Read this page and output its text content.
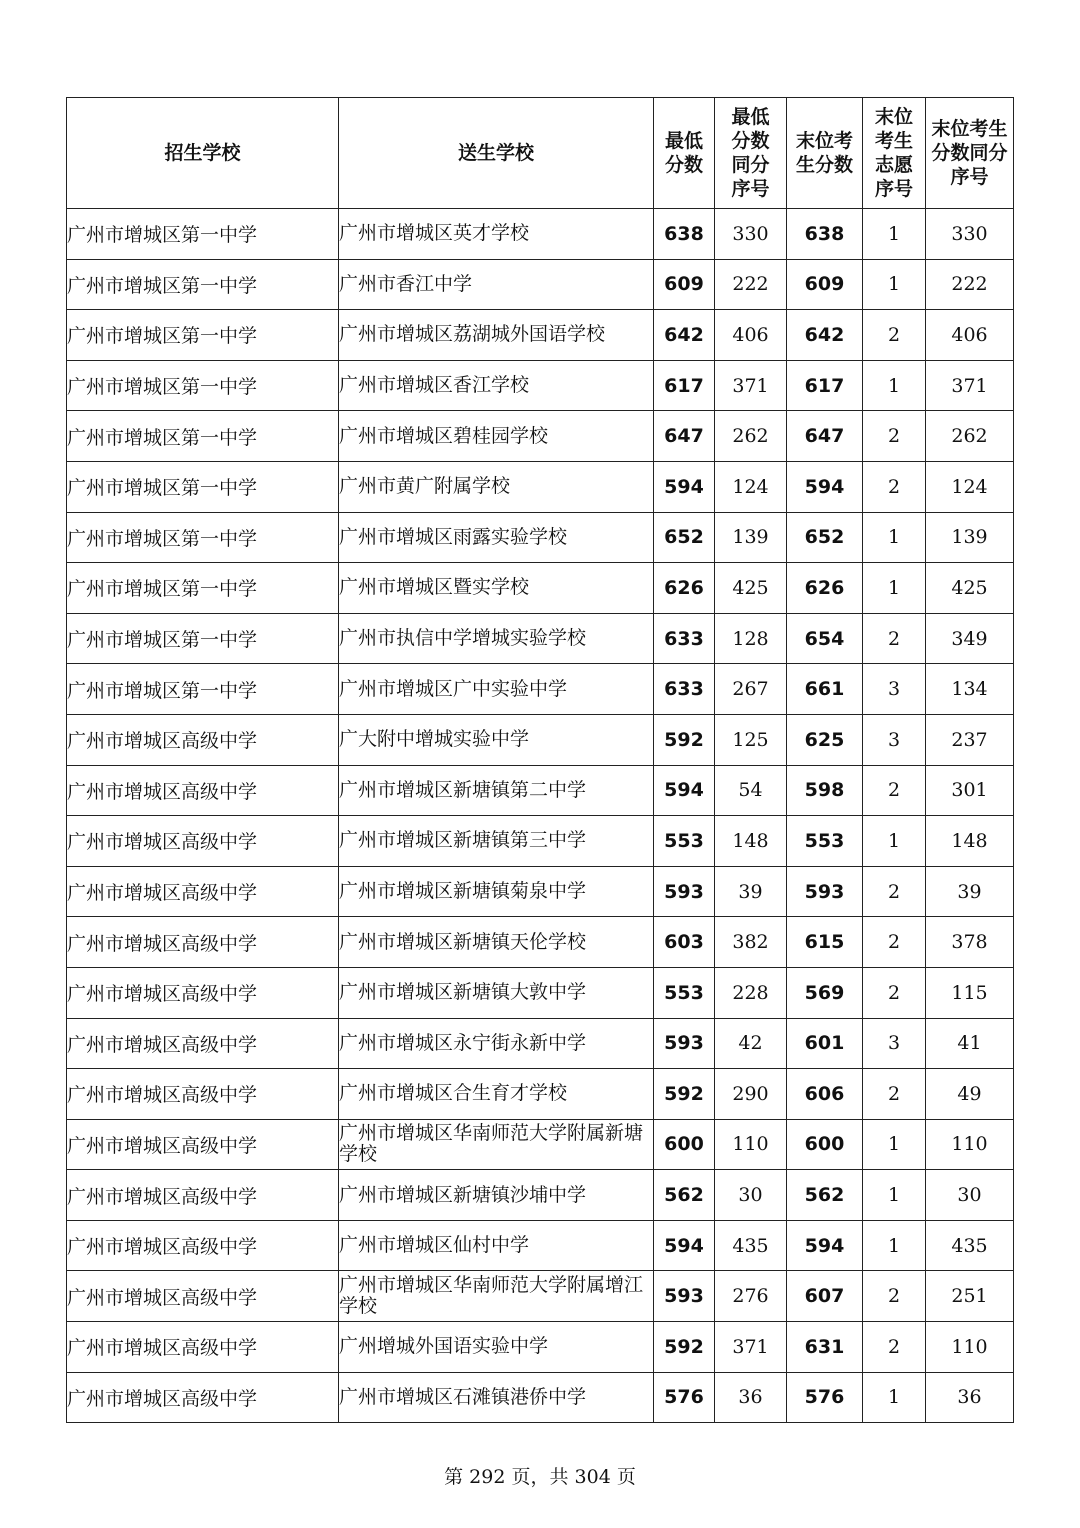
招生学校	送生学校	最低分数	最低分数同分序号	末位考生分数	末位考生志愿序号	末位考生分数同分序号
广州市增城区第一中学	广州市增城区英才学校	638	330	638	1	330
广州市增城区第一中学	广州市香江中学	609	222	609	1	222
广州市增城区第一中学	广州市增城区荔湖城外国语学校	642	406	642	2	406
广州市增城区第一中学	广州市增城区香江学校	617	371	617	1	371
广州市增城区第一中学	广州市增城区碧桂园学校	647	262	647	2	262
广州市增城区第一中学	广州市黄广附属学校	594	124	594	2	124
广州市增城区第一中学	广州市增城区雨露实验学校	652	139	652	1	139
广州市增城区第一中学	广州市增城区暨实学校	626	425	626	1	425
广州市增城区第一中学	广州市执信中学增城实验学校	633	128	654	2	349
广州市增城区第一中学	广州市增城区广中实验中学	633	267	661	3	134
广州市增城区高级中学	广大附中增城实验中学	592	125	625	3	237
广州市增城区高级中学	广州市增城区新塘镇第二中学	594	54	598	2	301
广州市增城区高级中学	广州市增城区新塘镇第三中学	553	148	553	1	148
广州市增城区高级中学	广州市增城区新塘镇菊泉中学	593	39	593	2	39
广州市增城区高级中学	广州市增城区新塘镇天伦学校	603	382	615	2	378
广州市增城区高级中学	广州市增城区新塘镇大敦中学	553	228	569	2	115
广州市增城区高级中学	广州市增城区永宁街永新中学	593	42	601	3	41
广州市增城区高级中学	广州市增城区合生育才学校	592	290	606	2	49
广州市增城区高级中学	广州市增城区华南师范大学附属新塘学校	600	110	600	1	110
广州市增城区高级中学	广州市增城区新塘镇沙埔中学	562	30	562	1	30
广州市增城区高级中学	广州市增城区仙村中学	594	435	594	1	435
广州市增城区高级中学	广州市增城区华南师范大学附属增江学校	593	276	607	2	251
广州市增城区高级中学	广州增城外国语实验中学	592	371	631	2	110
广州市增城区高级中学	广州市增城区石滩镇港侨中学	576	36	576	1	36
第 292 页，共 304 页
